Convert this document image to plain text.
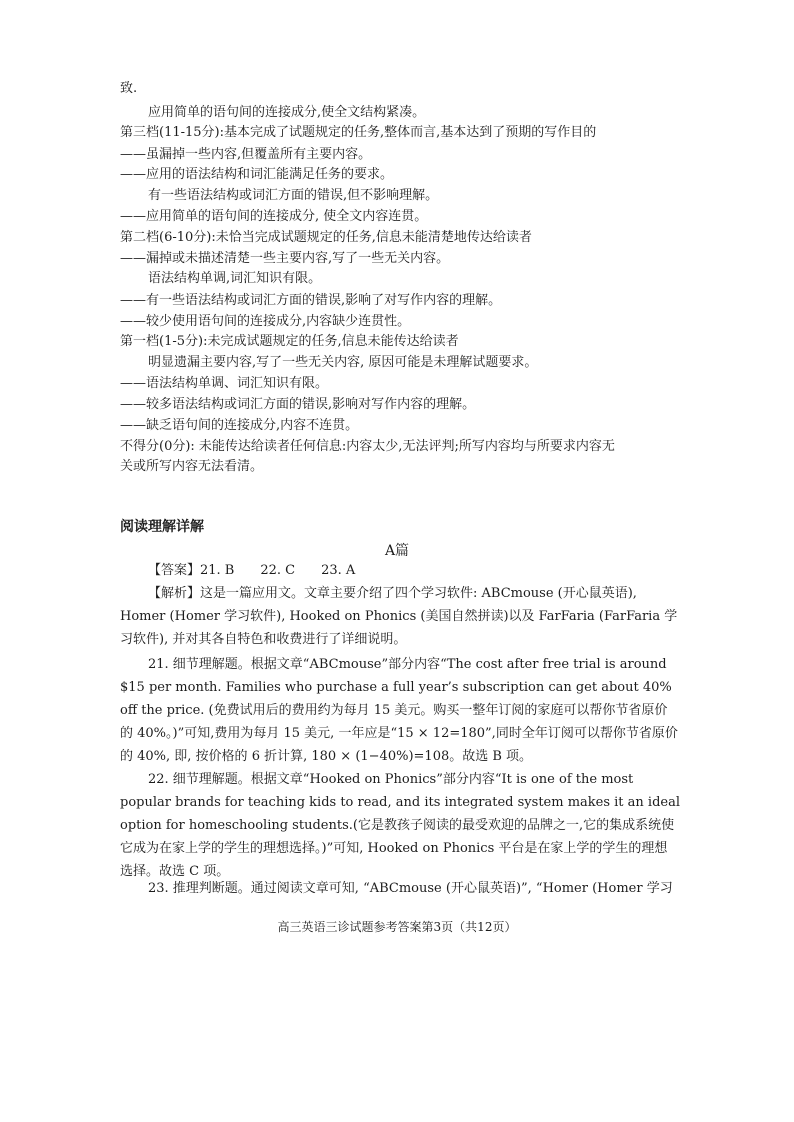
致.
应用简单的语句间的连接成分,使全文结构紧凑。
第三档(11-15分):基本完成了试题规定的任务,整体而言,基本达到了预期的写作目的
——虽漏掉一些内容,但覆盖所有主要内容。
——应用的语法结构和词汇能满足任务的要求。
有一些语法结构或词汇方面的错误,但不影响理解。
——应用简单的语句间的连接成分, 使全文内容连贯。
第二档(6-10分):未恰当完成试题规定的任务,信息未能清楚地传达给读者
——漏掉或未描述清楚一些主要内容,写了一些无关内容。
语法结构单调,词汇知识有限。
——有一些语法结构或词汇方面的错误,影响了对写作内容的理解。
——较少使用语句间的连接成分,内容缺少连贯性。
第一档(1-5分):未完成试题规定的任务,信息未能传达给读者
明显遗漏主要内容,写了一些无关内容, 原因可能是未理解试题要求。
——语法结构单调、词汇知识有限。
——较多语法结构或词汇方面的错误,影响对写作内容的理解。
——缺乏语句间的连接成分,内容不连贯。
不得分(0分): 未能传达给读者任何信息:内容太少,无法评判;所写内容均与所要求内容无
关或所写内容无法看清。
阅读理解详解
A篇
【答案】21. B　　22. C　　23. A
【解析】这是一篇应用文。文章主要介绍了四个学习软件: ABCmouse (开心鼠英语), Homer (Homer 学习软件), Hooked on Phonics (美国自然拼读)以及 FarFaria (FarFaria 学习软件), 并对其各自特色和收费进行了详细说明。
21. 细节理解题。根据文章“ABCmouse”部分内容“The cost after free trial is around $15 per month. Families who purchase a full year’s subscription can get about 40% off the price. (免费试用后的费用约为每月 15 美元。购买一整年订阅的家庭可以帮你节省原价的 40%。)”可知,费用为每月 15 美元, 一年应是“15 × 12=180”,同时全年订阅可以帮你节省原价的 40%, 即, 按价格的 6 折计算, 180 × (1−40%)=108。故选 B 项。
22. 细节理解题。根据文章“Hooked on Phonics”部分内容“It is one of the most popular brands for teaching kids to read, and its integrated system makes it an ideal option for homeschooling students.(它是教孩子阅读的最受欢迎的品牌之一,它的集成系统使它成为在家上学的学生的理想选择。)”可知, Hooked on Phonics 平台是在家上学的学生的理想选择。故选 C 项。
23. 推理判断题。通过阅读文章可知, “ABCmouse (开心鼠英语)”, “Homer (Homer 学习
高三英语三诊试题参考答案第3页（共12页）
